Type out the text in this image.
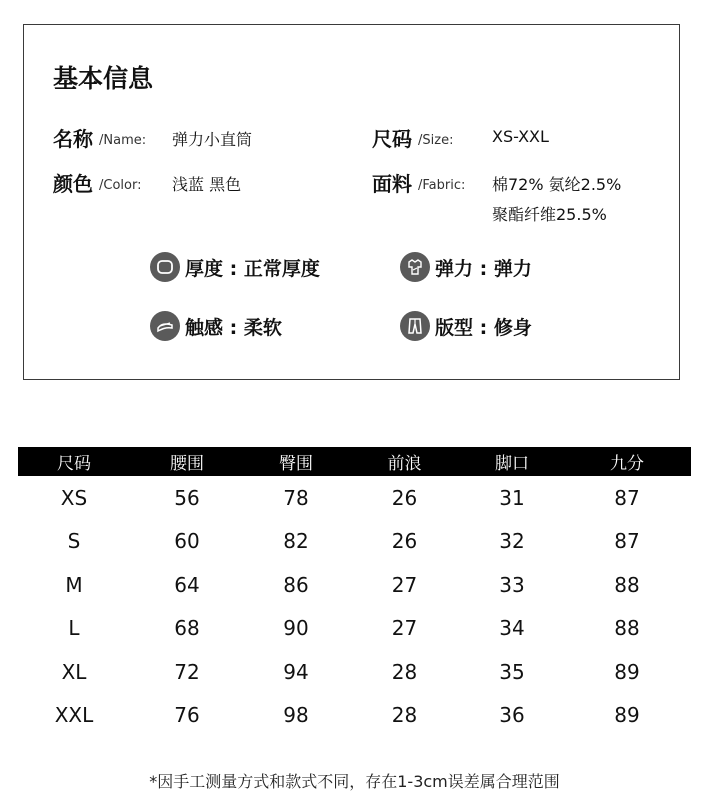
基本信息
名称 /Name: 弹力小直筒	尺码 /Size: XS-XXL
颜色 /Color: 浅蓝 黑色	面料 /Fabric: 棉72% 氨纶2.5%
聚酯纤维25.5%
厚度 : 正常厚度	弹力 : 弹力
触感 : 柔软	版型 : 修身
尺码	腰围	臀围	前浪	脚口	九分
XS	56	78	26	31	87
S	60	82	26	32	87
M	64	86	27	33	88
L	68	90	27	34	88
XL	72	94	28	35	89
XXL	76	98	28	36	89
*因手工测量方式和款式不同，存在1-3cm误差属合理范围
